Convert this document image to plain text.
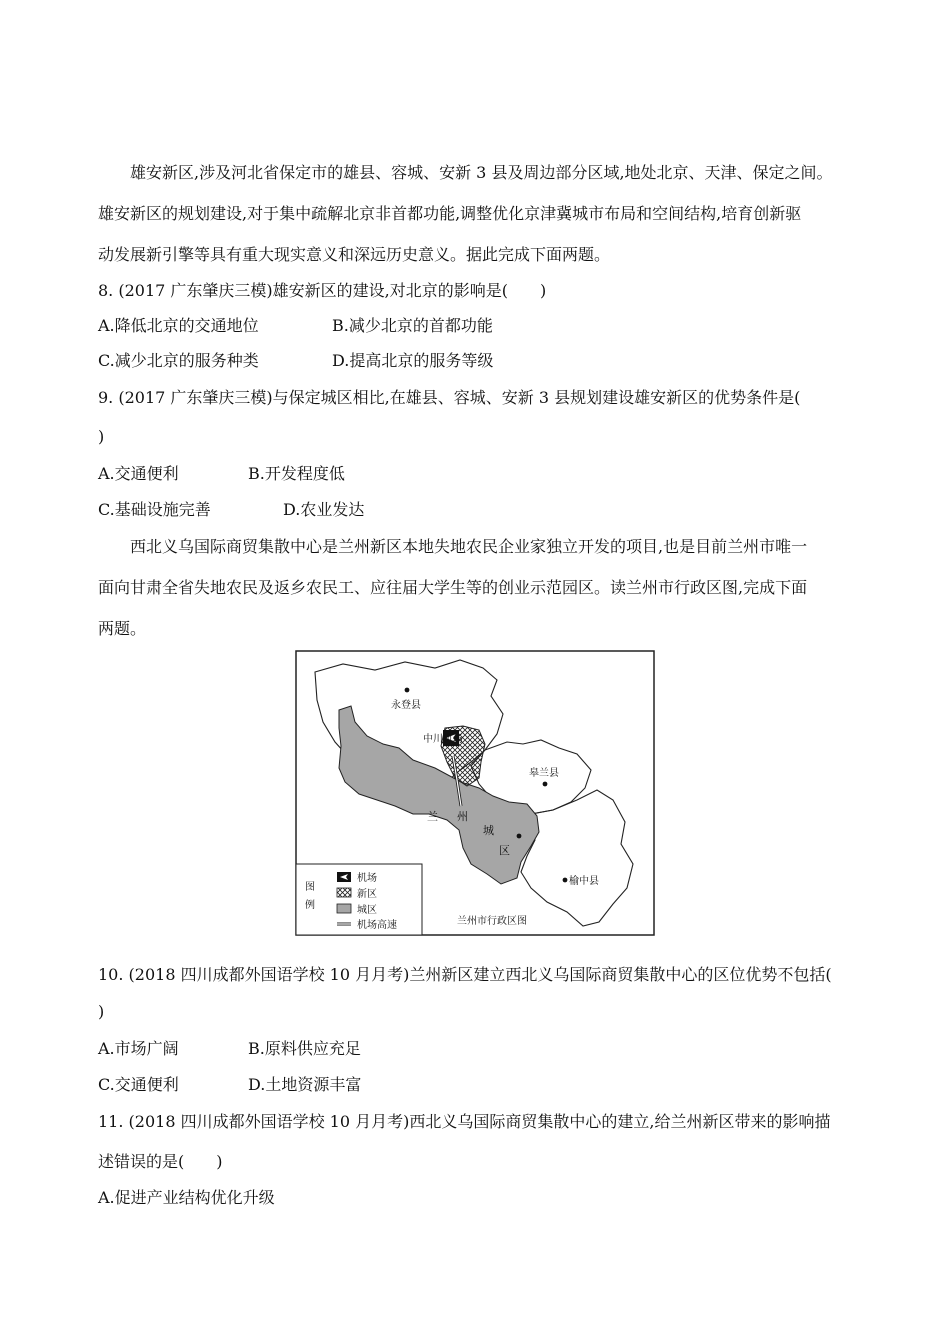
雄安新区,涉及河北省保定市的雄县、容城、安新 3 县及周边部分区域,地处北京、天津、保定之间。
雄安新区的规划建设,对于集中疏解北京非首都功能,调整优化京津冀城市布局和空间结构,培育创新驱
动发展新引擎等具有重大现实意义和深远历史意义。据此完成下面两题。
8. (2017 广东肇庆三模)雄安新区的建设,对北京的影响是(　　)
A.降低北京的交通地位	B.减少北京的首都功能
C.减少北京的服务种类	D.提高北京的服务等级
9. (2017 广东肇庆三模)与保定城区相比,在雄县、容城、安新 3 县规划建设雄安新区的优势条件是(
)
A.交通便利	B.开发程度低
C.基础设施完善	D.农业发达
西北义乌国际商贸集散中心是兰州新区本地失地农民企业家独立开发的项目,也是目前兰州市唯一
面向甘肃全省失地农民及返乡农民工、应往届大学生等的创业示范园区。读兰州市行政区图,完成下面
两题。
永登县
中川机场
皋兰县
兰 州
城
区
榆中县
图
例
机场
新区
城区
机场高速	兰州市行政区图
10. (2018 四川成都外国语学校 10 月月考)兰州新区建立西北义乌国际商贸集散中心的区位优势不包括(
)
A.市场广阔	B.原料供应充足
C.交通便利	D.土地资源丰富
11. (2018 四川成都外国语学校 10 月月考)西北义乌国际商贸集散中心的建立,给兰州新区带来的影响描
述错误的是(　　)
A.促进产业结构优化升级
